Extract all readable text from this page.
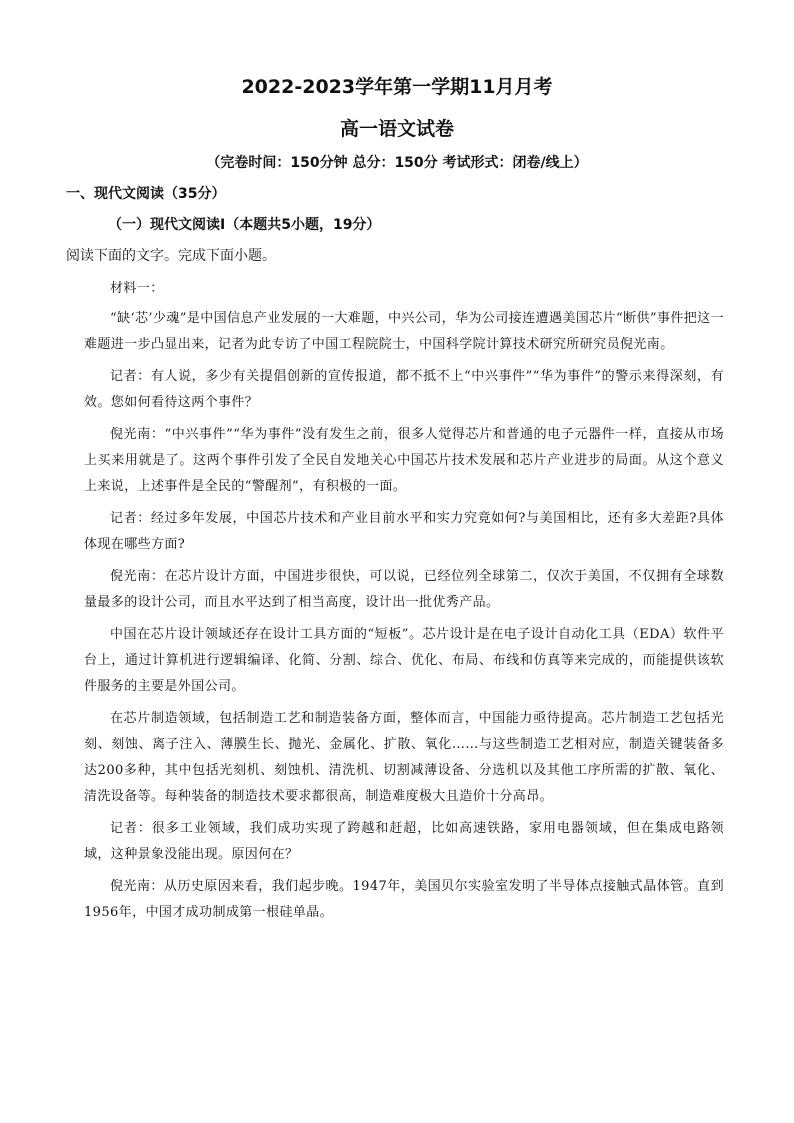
2022-2023学年第一学期11月月考
高一语文试卷
（完卷时间：150分钟 总分：150分 考试形式：闭卷/线上）
一、现代文阅读（35分）
（一）现代文阅读Ⅰ（本题共5小题，19分）
阅读下面的文字。完成下面小题。

材料一：

“缺‘芯’少魂”是中国信息产业发展的一大难题，中兴公司，华为公司接连遭遇美国芯片“断供”事件把这一难题进一步凸显出来，记者为此专访了中国工程院院士，中国科学院计算技术研究所研究员倪光南。

记者：有人说，多少有关提倡创新的宣传报道，都不抵不上“中兴事件”“华为事件”的警示来得深刻，有效。您如何看待这两个事件？

倪光南：“中兴事件”“华为事件”没有发生之前，很多人觉得芯片和普通的电子元器件一样，直接从市场上买来用就是了。这两个事件引发了全民自发地关心中国芯片技术发展和芯片产业进步的局面。从这个意义上来说，上述事件是全民的“警醒剂”，有积极的一面。

记者：经过多年发展，中国芯片技术和产业目前水平和实力究竟如何?与美国相比，还有多大差距?具体体现在哪些方面?

倪光南：在芯片设计方面，中国进步很快，可以说，已经位列全球第二，仅次于美国，不仅拥有全球数量最多的设计公司，而且水平达到了相当高度，设计出一批优秀产品。

中国在芯片设计领域还存在设计工具方面的“短板”。芯片设计是在电子设计自动化工具（EDA）软件平台上，通过计算机进行逻辑编译、化简、分割、综合、优化、布局、布线和仿真等来完成的，而能提供该软件服务的主要是外国公司。

在芯片制造领域，包括制造工艺和制造装备方面，整体而言，中国能力亟待提高。芯片制造工艺包括光刻、刻蚀、离子注入、薄膜生长、抛光、金属化、扩散、氧化……与这些制造工艺相对应，制造关键装备多达200多种，其中包括光刻机、刻蚀机、清洗机、切割减薄设备、分选机以及其他工序所需的扩散、氧化、清洗设备等。每种装备的制造技术要求都很高，制造难度极大且造价十分高昂。

记者：很多工业领域，我们成功实现了跨越和赶超，比如高速铁路，家用电器领域，但在集成电路领域，这种景象没能出现。原因何在？

倪光南：从历史原因来看，我们起步晚。1947年，美国贝尔实验室发明了半导体点接触式晶体管。直到1956年，中国才成功制成第一根硅单晶。
